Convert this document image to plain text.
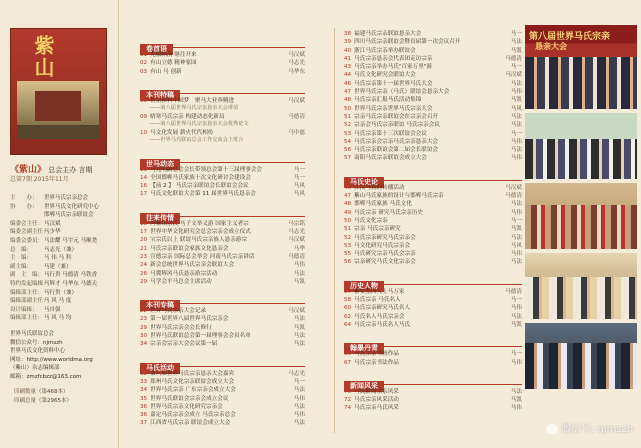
紫山
《紫山》 总会主办 言期
总第7期 2015年11月
主　　办： 世界马氏宗亲总会
协　　办： 世界马氏文化研究中心
邯郸马氏宗亲联谊会
编委会主任：马汉斌
编委会副主任：马少华
编委会委员：马法耀 马宇元 马顺尧
总　编： 马志光（兼）
主　编： 马 伟 马 科
副主编： 马建（兼）
副　主　编：马行贵 马德清 马铁香
特约发起编辑：马辉才 马华东 马德天
编辑部主任：马行贵（兼）
编辑部副主任：马 风 马 度
设计编辑： 马自强
编辑部主任：马 风 马 均
世界马氏联谊总会
微信公众号：njmszh
世界马氏文化资料中心
网址：http://www.worldma.org
（紫山）杂志编辑部
邮箱：zmzfcbzz@163.com
印刷数量（第468本）
印刷总量（第2965本）
卷首语
01 克服纵前 继往开来	马汉斌
02 有山立德 精神家园	马志光
03 有山 马 创新	马华东
本刊特稿
06 仿宗律科中国梦　聚马大业奔腾进	马汉斌
——第八届世界马氏宗亲恳亲大会讲话
09 晴寒马氏宗亲 构建动态化新局	马德清
——第八届世界马氏宗亲恳亲大会优秀论文
10 马文化发展 薪火代代相传	马中慈
——世界马氏联谊总会工作交流会上发言
世马动态
13 马光明副总会会长带领总会第十三届理事会会	马一
14 全国邯郸马氏家族十次文化研讨会建设会	马一
16 【前 2 】 马氏宗亲联谊会长联谊会会议	马风
17 马氏文化联谊大会第 11 届世界马氏恳亲会	马风
往来传情
18 冯紫山宗氏 马子文举义游 国家主义者宗	马宗铭
17 世界中华文化研究会总会宗亲会成立仪式	马志光
20 宝宗氏以上 联谊马氏宗亲族人恳亲游宗	马汉斌
21 马氏宗亲联谊会家族文化恳亲会	马华
23 宣德宗亲 国际总会举会 河南马氏宗亲讲话	马德清
24 新会总统世界马氏宗亲会联谊大会	马伟
26 马冀辉风马氏恳亲游宗活动	马法
29 马学会平马总会主席活动	马凯
本刊专稿
22 世界马氏宗亲大会记录	马汉斌
23 第一届世界八届世界马氏宗亲会	马法
29 世界马氏宗亲会会长修行	马凯
30 世界马氏联谊总会第一届理事会会员名单	马法
34 宗亲会宗亲大会会议第一届	马法
马氏活动
32 第八届世界马氏宗亲恳亲大会嘉宾	马志光
33 郑州马氏文化宗亲联谊会成立大会	马一
34 世界马氏宗亲 广东宗亲会成立大会	马法
35 世界马氏联谊会宗亲会成立会议	马伟
36 世界马氏宗亲文化研究宗亲会	马法
36 嘉定马氏宗亲会成立 马氏宗亲总会	马伟
37 江西省马氏宗亲 联谊会成立大会	马法
38 福建马氏宗亲联谊恳亲大会	马一
39 四川马氏宗亲联谊会暨首届第一次会议召开	马法
40 浙江马氏宗亲举办联谊会	马凯
41 马氏宗亲恳亲会代表团走访宗亲	马德清
43 马氏宗亲举办马氏"百家万里"游	马一
44 马氏文化研究会联谊大会	马汉斌
46 马氏宗亲第十一届世界马氏大会	马法
47 世界马氏宗亲（马氏）联谊会恳亲大会	马伟
48 马氏宗亲汇报马氏活动集锦	马凯
50 世界马氏宗亲世界马氏宗亲大会	马风
51 宗亲马氏宗亲联谊会在宗亲会召开	马法
52 宗亲会马氏宗亲联谊 马氏宗亲会议	马法
53 马氏宗亲第十三次联谊会会议	马一
54 马氏宗亲会宗亲马氏宗亲恳亲大会	马伟
56 马氏宗亲联谊会第二届会长联谊会	马法
57 南阳马氏宗亲联谊会成立大会	马伟
马氏史论
46 江汉马氏的传播活动	马汉斌
47 紫山马氏家族的设计与邯郸马氏宗亲	马德清
48 邯郸马氏家族 马氏文化	马法
49 马氏宗亲 研究马氏宗亲历史	马伟
50 马氏文化宗亲	马一
51 宗亲 马氏宗亲研究	马凯
52 马氏宗亲研究马氏宗亲会	马法
53 马文化研究马氏宗亲会	马风
55 马氏研究宗亲马氏会宗亲	马伟
56 宗亲研究马氏文化宗亲会	马法
历史人物
57 紫安基因人士马万家	马德清
58 马氏宗亲 马氏名人	马一
60 马氏宗亲研究马氏名人	马伟
62 马氏名人马氏宗亲会	马法
64 马氏宗亲马氏名人马氏	马凯
翰墨丹青
66 马氏宗亲书画作品	马一
67 马氏宗亲书法作品	马伟
新闻风采
70 马氏新闻宗亲风采	马法
72 马氏宗亲风采活动	马凯
74 马氏宗亲马氏风采	马伟
第八届世界马氏宗亲
恳亲大会
微信号: njmszh
